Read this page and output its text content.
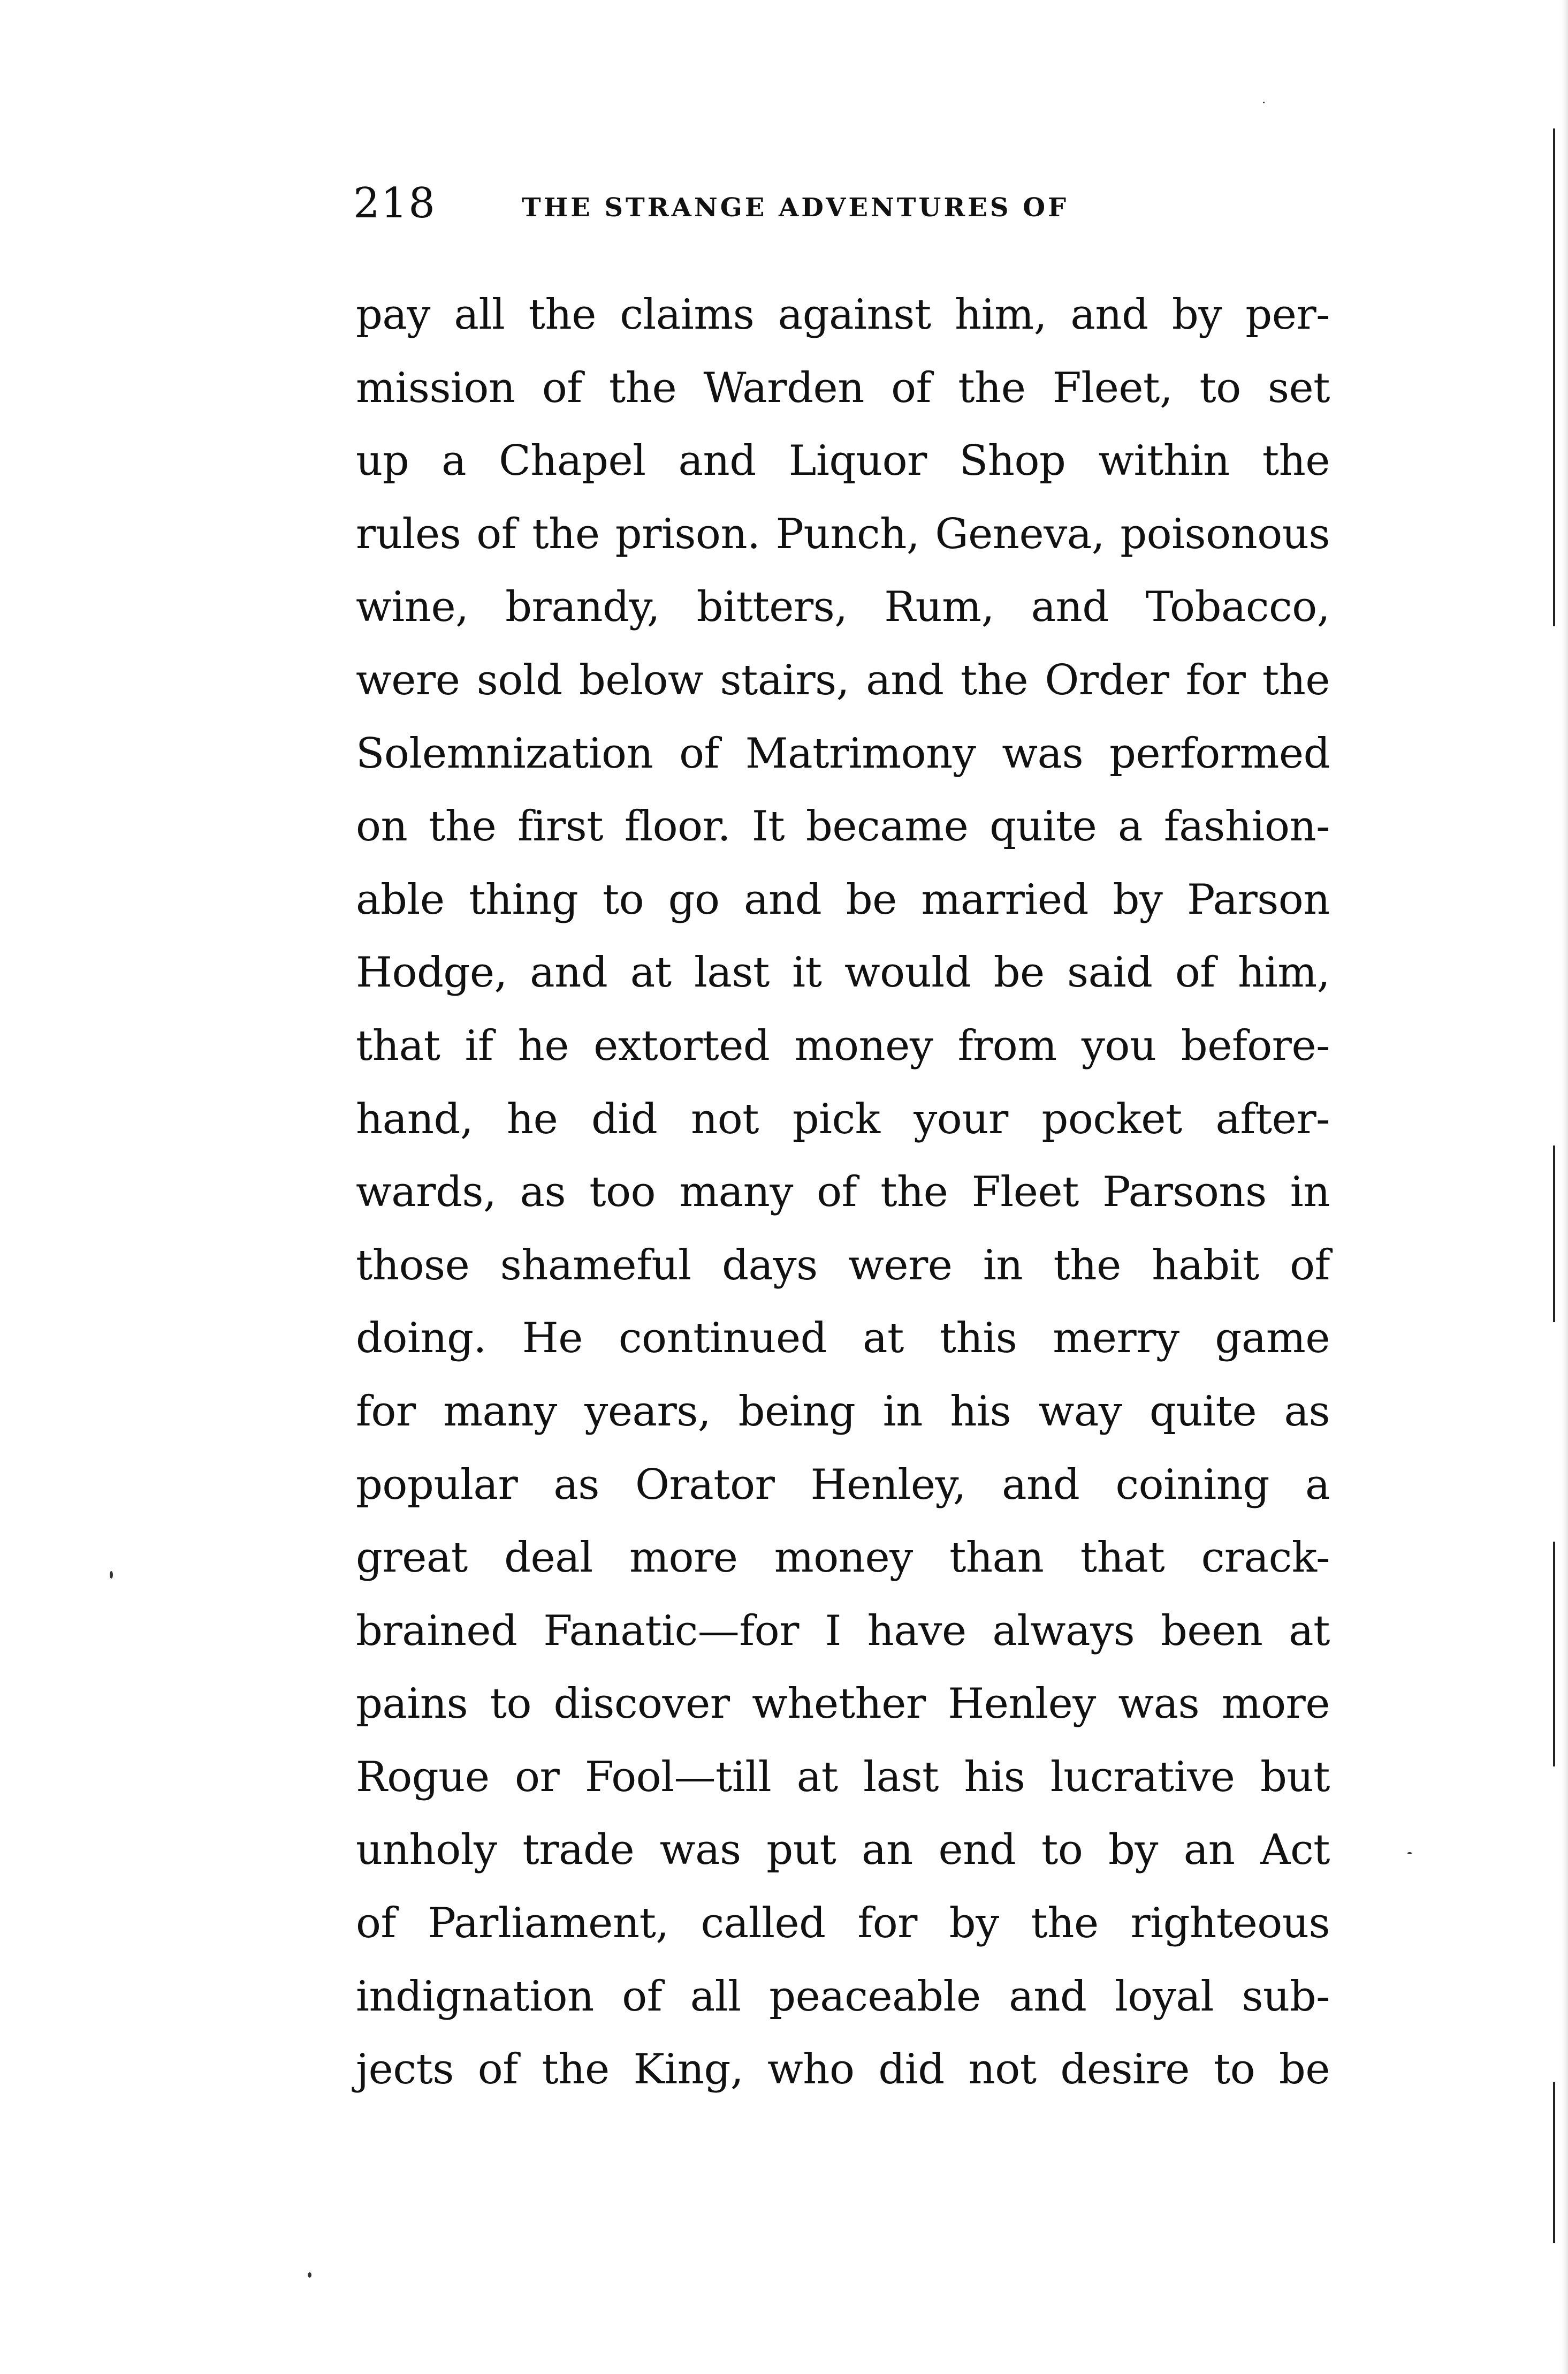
218	THE STRANGE ADVENTURES OF
pay all the claims against him, and by per-
mission of the Warden of the Fleet, to set
up a Chapel and Liquor Shop within the
rules of the prison. Punch, Geneva, poisonous
wine, brandy, bitters, Rum, and Tobacco,
were sold below stairs, and the Order for the
Solemnization of Matrimony was performed
on the first floor. It became quite a fashion-
able thing to go and be married by Parson
Hodge, and at last it would be said of him,
that if he extorted money from you before-
hand, he did not pick your pocket after-
wards, as too many of the Fleet Parsons in
those shameful days were in the habit of
doing. He continued at this merry game
for many years, being in his way quite as
popular as Orator Henley, and coining a
great deal more money than that crack-
brained Fanatic—for I have always been at
pains to discover whether Henley was more
Rogue or Fool—till at last his lucrative but
unholy trade was put an end to by an Act
of Parliament, called for by the righteous
indignation of all peaceable and loyal sub-
jects of the King, who did not desire to be
